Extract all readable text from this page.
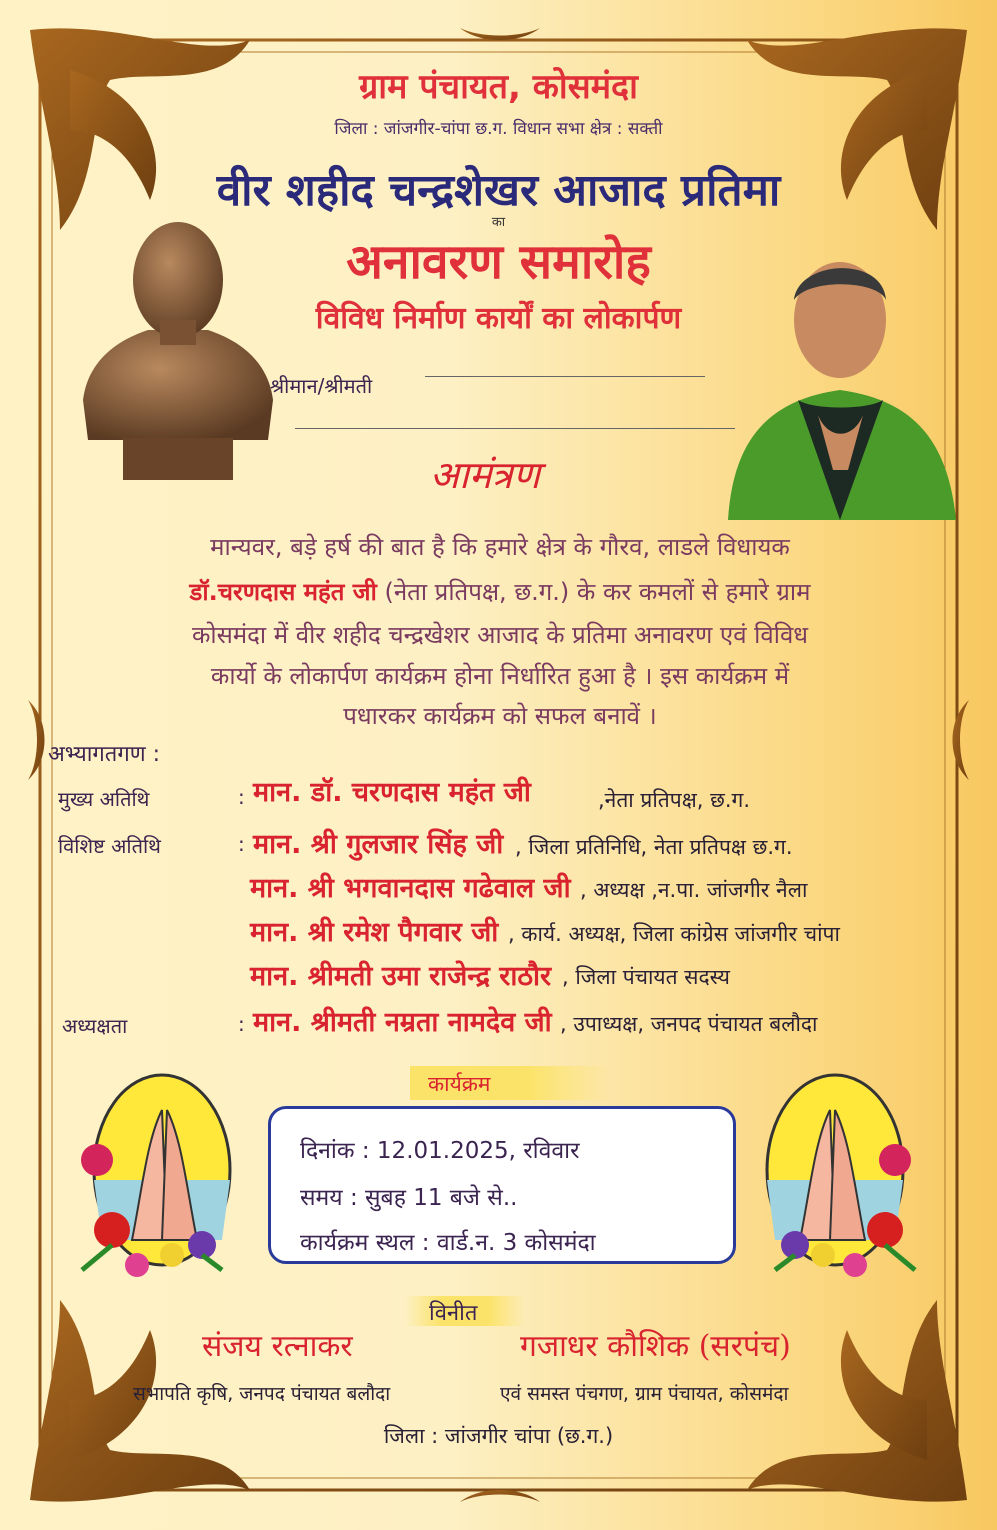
ग्राम पंचायत, कोसमंदा
जिला : जांजगीर-चांपा छ.ग. विधान सभा क्षेत्र : सक्ती
वीर शहीद चन्द्रशेखर आजाद प्रतिमा
का
अनावरण समारोह
विविध निर्माण कार्यों का लोकार्पण
श्रीमान/श्रीमती
आमंत्रण
मान्यवर, बड़े हर्ष की बात है कि हमारे क्षेत्र के गौरव, लाडले विधायक
डॉ.चरणदास महंत जी (नेता प्रतिपक्ष, छ.ग.) के कर कमलों से हमारे ग्राम
कोसमंदा में वीर शहीद चन्द्रखेशर आजाद के प्रतिमा अनावरण एवं विविध
कार्यो के लोकार्पण कार्यक्रम होना निर्धारित हुआ है । इस कार्यक्रम में
पधारकर कार्यक्रम को सफल बनावें ।
अभ्यागतगण :
मुख्य अतिथि	: मान. डॉ. चरणदास महंत जी	,नेता प्रतिपक्ष, छ.ग.
विशिष्ट अतिथि	: मान. श्री गुलजार सिंह जी , जिला प्रतिनिधि, नेता प्रतिपक्ष छ.ग.
मान. श्री भगवानदास गढेवाल जी , अध्यक्ष ,न.पा. जांजगीर नैला
मान. श्री रमेश पैगवार जी , कार्य. अध्यक्ष, जिला कांग्रेस जांजगीर चांपा
मान. श्रीमती उमा राजेन्द्र राठौर , जिला पंचायत सदस्य
अध्यक्षता	: मान. श्रीमती नम्रता नामदेव जी , उपाध्यक्ष, जनपद पंचायत बलौदा
कार्यक्रम
दिनांक : 12.01.2025, रविवार
समय : सुबह 11 बजे से..
कार्यक्रम स्थल : वार्ड.न. 3 कोसमंदा
विनीत
संजय रत्नाकर	गजाधर कौशिक (सरपंच)
सभापति कृषि, जनपद पंचायत बलौदा	एवं समस्त पंचगण, ग्राम पंचायत, कोसमंदा
जिला : जांजगीर चांपा (छ.ग.)
